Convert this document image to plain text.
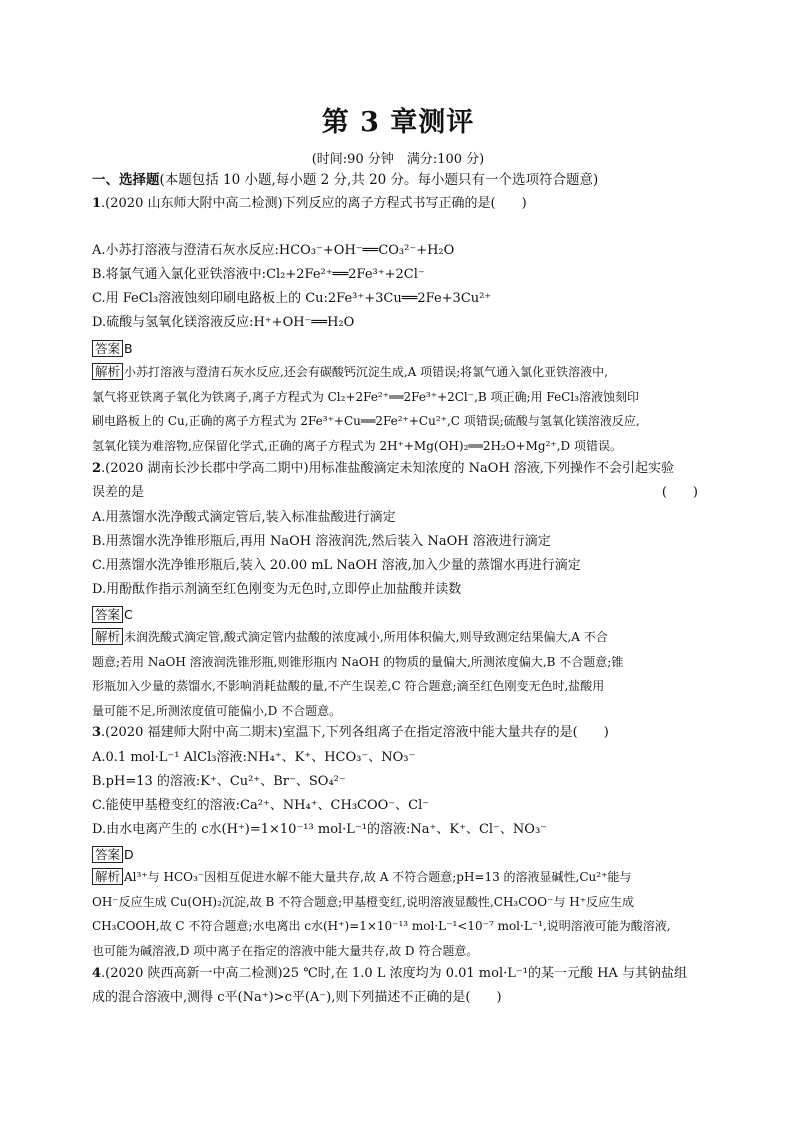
第 3 章测评
(时间:90 分钟　满分:100 分)
一、选择题(本题包括 10 小题,每小题 2 分,共 20 分。每小题只有一个选项符合题意)
1.(2020 山东师大附中高二检测)下列反应的离子方程式书写正确的是(　　)
A.小苏打溶液与澄清石灰水反应:HCO₃⁻+OH⁻══CO₃²⁻+H₂O
B.将氯气通入氯化亚铁溶液中:Cl₂+2Fe²⁺══2Fe³⁺+2Cl⁻
C.用 FeCl₃溶液蚀刻印刷电路板上的 Cu:2Fe³⁺+3Cu══2Fe+3Cu²⁺
D.硫酸与氢氧化镁溶液反应:H⁺+OH⁻══H₂O
答案 B
解析 小苏打溶液与澄清石灰水反应,还会有碳酸钙沉淀生成,A 项错误;将氯气通入氯化亚铁溶液中,
氯气将亚铁离子氧化为铁离子,离子方程式为 Cl₂+2Fe²⁺══2Fe³⁺+2Cl⁻,B 项正确;用 FeCl₃溶液蚀刻印
刷电路板上的 Cu,正确的离子方程式为 2Fe³⁺+Cu══2Fe²⁺+Cu²⁺,C 项错误;硫酸与氢氧化镁溶液反应,
氢氧化镁为难溶物,应保留化学式,正确的离子方程式为 2H⁺+Mg(OH)₂══2H₂O+Mg²⁺,D 项错误。
2.(2020 湖南长沙长郡中学高二期中)用标准盐酸滴定未知浓度的 NaOH 溶液,下列操作不会引起实验
误差的是	(　　)
A.用蒸馏水洗净酸式滴定管后,装入标准盐酸进行滴定
B.用蒸馏水洗净锥形瓶后,再用 NaOH 溶液润洗,然后装入 NaOH 溶液进行滴定
C.用蒸馏水洗净锥形瓶后,装入 20.00 mL NaOH 溶液,加入少量的蒸馏水再进行滴定
D.用酚酞作指示剂滴至红色刚变为无色时,立即停止加盐酸并读数
答案 C
解析 未润洗酸式滴定管,酸式滴定管内盐酸的浓度减小,所用体积偏大,则导致测定结果偏大,A 不合
题意;若用 NaOH 溶液润洗锥形瓶,则锥形瓶内 NaOH 的物质的量偏大,所测浓度偏大,B 不合题意;锥
形瓶加入少量的蒸馏水,不影响消耗盐酸的量,不产生误差,C 符合题意;滴至红色刚变无色时,盐酸用
量可能不足,所测浓度值可能偏小,D 不合题意。
3.(2020 福建师大附中高二期末)室温下,下列各组离子在指定溶液中能大量共存的是(　　)
A.0.1 mol·L⁻¹ AlCl₃溶液:NH₄⁺、K⁺、HCO₃⁻、NO₃⁻
B.pH=13 的溶液:K⁺、Cu²⁺、Br⁻、SO₄²⁻
C.能使甲基橙变红的溶液:Ca²⁺、NH₄⁺、CH₃COO⁻、Cl⁻
D.由水电离产生的 c水(H⁺)=1×10⁻¹³ mol·L⁻¹的溶液:Na⁺、K⁺、Cl⁻、NO₃⁻
答案 D
解析 Al³⁺与 HCO₃⁻因相互促进水解不能大量共存,故 A 不符合题意;pH=13 的溶液显碱性,Cu²⁺能与
OH⁻反应生成 Cu(OH)₂沉淀,故 B 不符合题意;甲基橙变红,说明溶液显酸性,CH₃COO⁻与 H⁺反应生成
CH₃COOH,故 C 不符合题意;水电离出 c水(H⁺)=1×10⁻¹³ mol·L⁻¹<10⁻⁷ mol·L⁻¹,说明溶液可能为酸溶液,
也可能为碱溶液,D 项中离子在指定的溶液中能大量共存,故 D 符合题意。
4.(2020 陕西高新一中高二检测)25 ℃时,在 1.0 L 浓度均为 0.01 mol·L⁻¹的某一元酸 HA 与其钠盐组
成的混合溶液中,测得 c平(Na⁺)>c平(A⁻),则下列描述不正确的是(　　)
